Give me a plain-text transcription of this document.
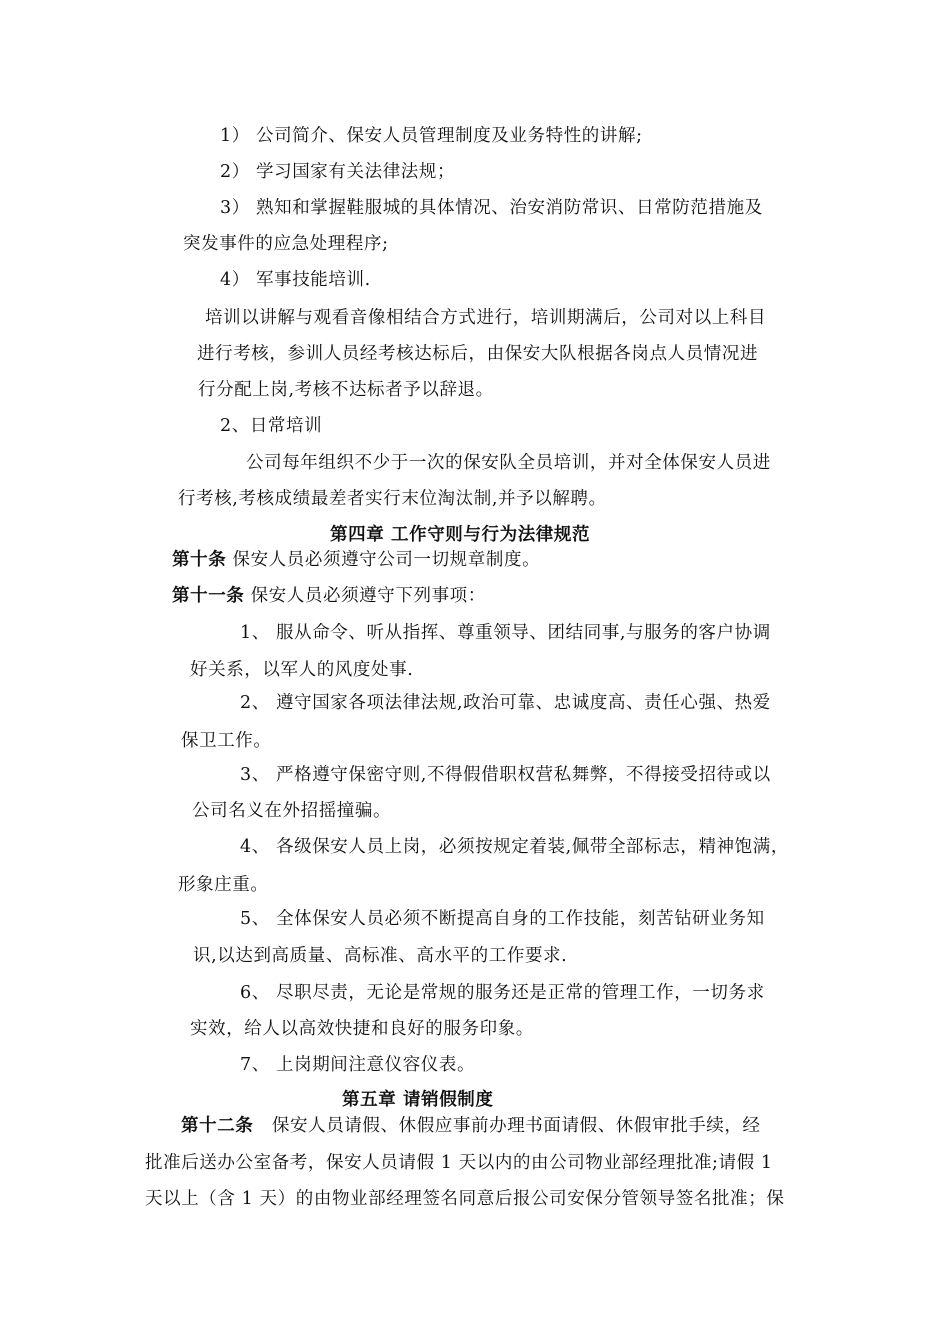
1） 公司简介、保安人员管理制度及业务特性的讲解;
2） 学习国家有关法律法规；
3） 熟知和掌握鞋服城的具体情况、治安消防常识、日常防范措施及
突发事件的应急处理程序;
4） 军事技能培训.
培训以讲解与观看音像相结合方式进行，培训期满后，公司对以上科目
进行考核，参训人员经考核达标后，由保安大队根据各岗点人员情况进
行分配上岗,考核不达标者予以辞退。
2、日常培训
公司每年组织不少于一次的保安队全员培训，并对全体保安人员进
行考核,考核成绩最差者实行末位淘汰制,并予以解聘。
第四章 工作守则与行为法律规范
第十条 保安人员必须遵守公司一切规章制度。
第十一条 保安人员必须遵守下列事项：
1、 服从命令、听从指挥、尊重领导、团结同事,与服务的客户协调
好关系，以军人的风度处事.
2、 遵守国家各项法律法规,政治可靠、忠诚度高、责任心强、热爱
保卫工作。
3、 严格遵守保密守则,不得假借职权营私舞弊，不得接受招待或以
公司名义在外招摇撞骗。
4、 各级保安人员上岗，必须按规定着装,佩带全部标志，精神饱满，
形象庄重。
5、 全体保安人员必须不断提高自身的工作技能，刻苦钻研业务知
识,以达到高质量、高标准、高水平的工作要求.
6、 尽职尽责，无论是常规的服务还是正常的管理工作，一切务求
实效，给人以高效快捷和良好的服务印象。
7、 上岗期间注意仪容仪表。
第五章 请销假制度
第十二条 保安人员请假、休假应事前办理书面请假、休假审批手续，经
批准后送办公室备考，保安人员请假 1 天以内的由公司物业部经理批准;请假 1
天以上（含 1 天）的由物业部经理签名同意后报公司安保分管领导签名批准；保
